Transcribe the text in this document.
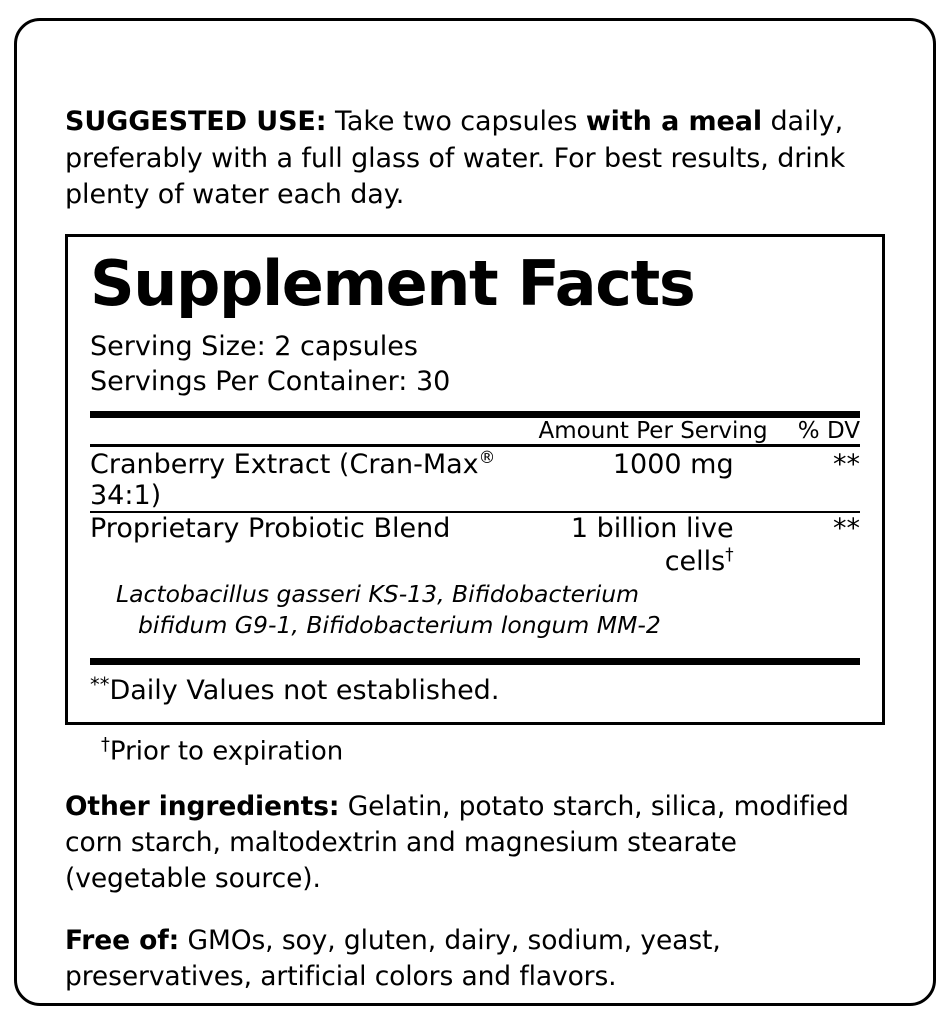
SUGGESTED USE: Take two capsules with a meal daily, preferably with a full glass of water. For best results, drink plenty of water each day.

Supplement Facts
Serving Size: 2 capsules
Servings Per Container: 30
	Amount Per Serving	% DV
Cranberry Extract (Cran-Max® 34:1)	1000 mg	**
Proprietary Probiotic Blend	1 billion live cells†	**
Lactobacillus gasseri KS-13, Bifidobacterium
bifidum G9-1, Bifidobacterium longum MM-2
**Daily Values not established.
†Prior to expiration

Other ingredients: Gelatin, potato starch, silica, modified corn starch, maltodextrin and magnesium stearate (vegetable source).

Free of: GMOs, soy, gluten, dairy, sodium, yeast, preservatives, artificial colors and flavors.
